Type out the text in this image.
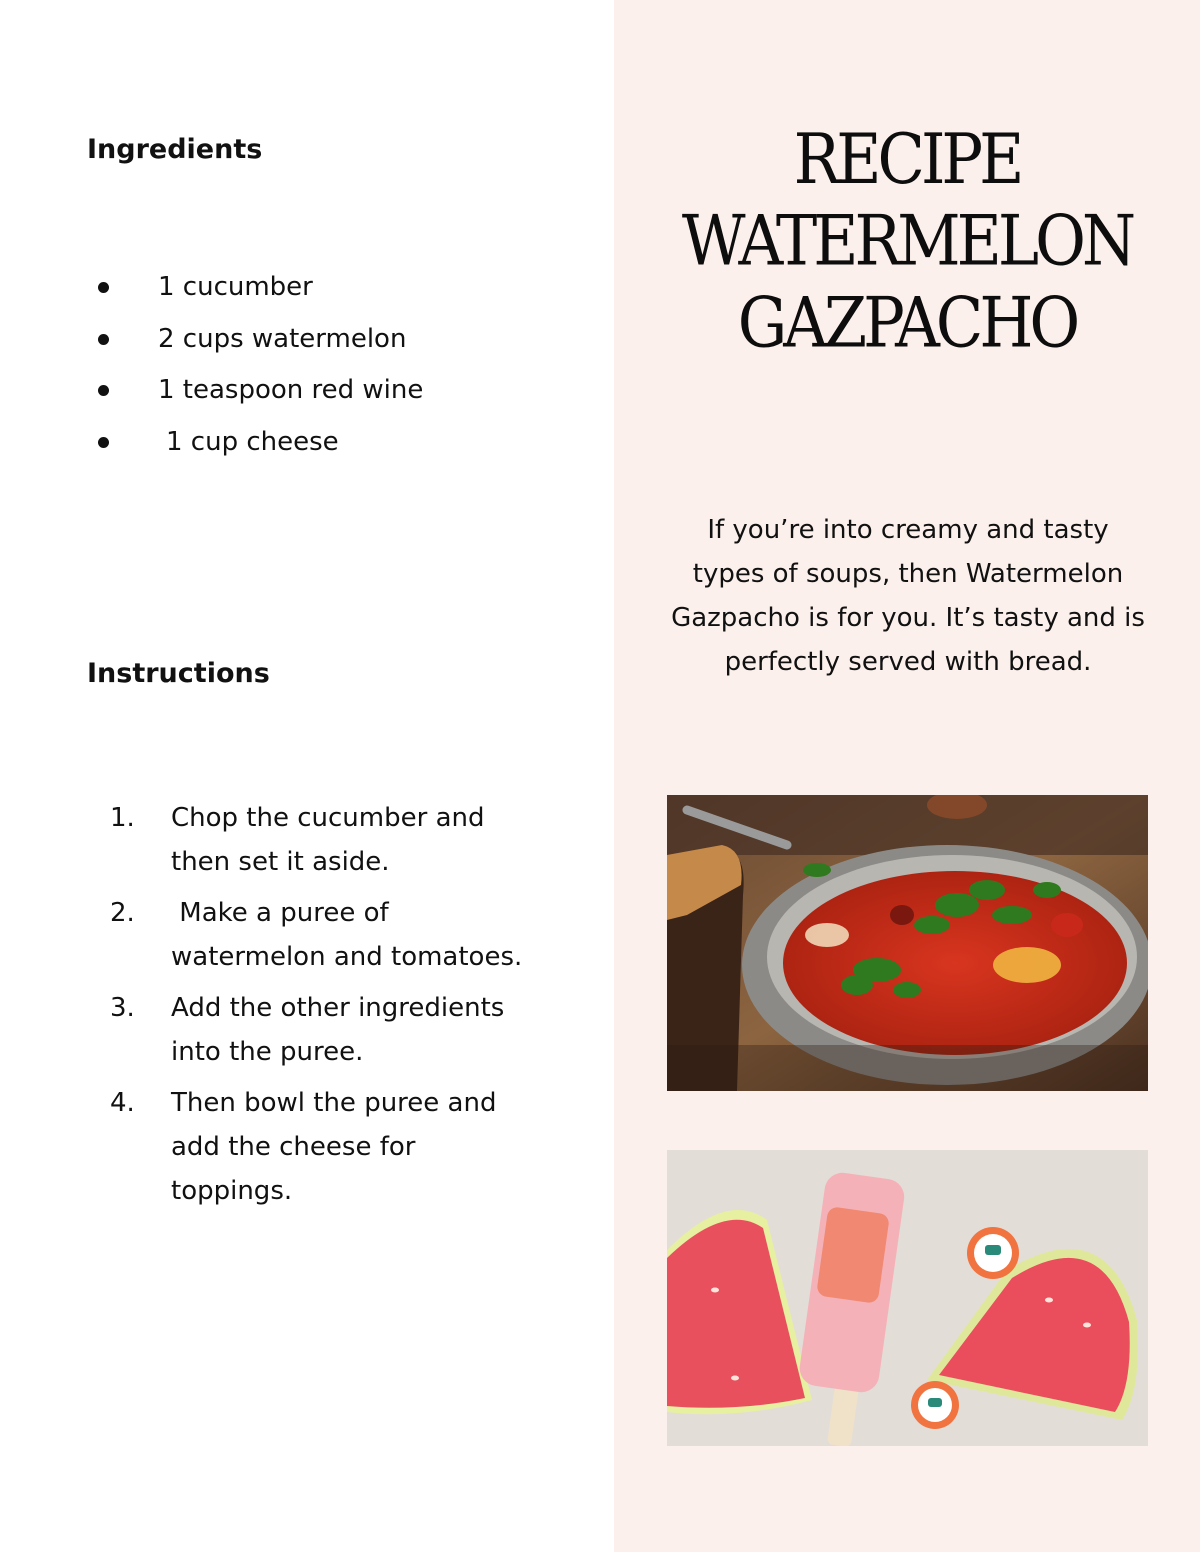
Ingredients
1 cucumber
2 cups watermelon
1 teaspoon red wine
1 cup cheese
Instructions
1. Chop the cucumber and then set it aside.
2. Make a puree of watermelon and tomatoes.
3. Add the other ingredients into the puree.
4. Then bowl the puree and add the cheese for toppings.
RECIPE
WATERMELON
GAZPACHO

If you’re into creamy and tasty types of soups, then Watermelon Gazpacho is for you. It’s tasty and is perfectly served with bread.
